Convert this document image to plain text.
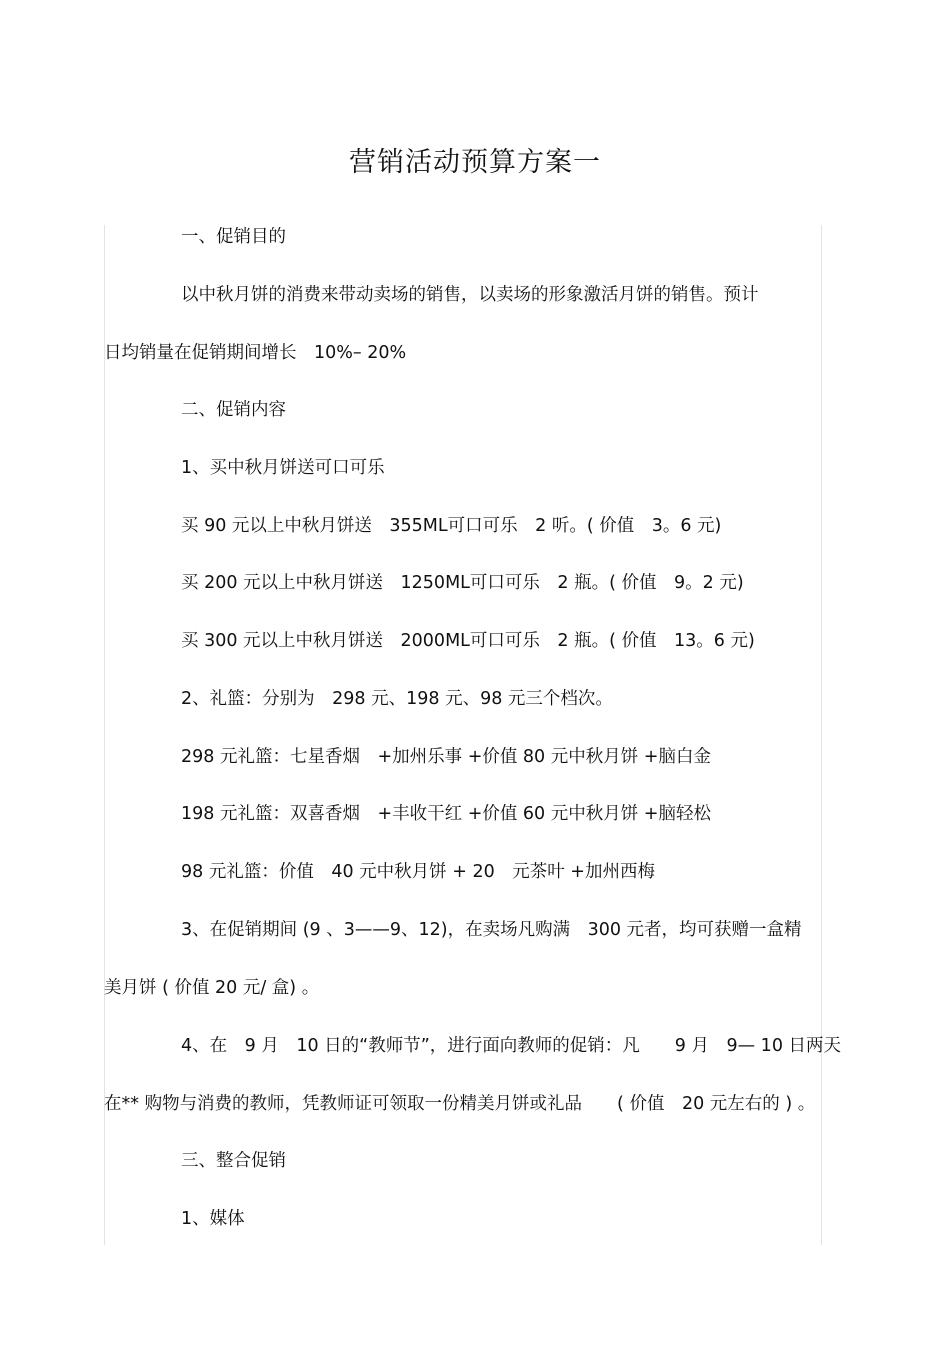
营销活动预算方案一
一、促销目的
以中秋月饼的消费来带动卖场的销售，以卖场的形象激活月饼的销售。预计
日均销量在促销期间增长　10%– 20%
二、促销内容
1、买中秋月饼送可口可乐
买 90 元以上中秋月饼送　355ML可口可乐　2 听。( 价值　3。6 元)
买 200 元以上中秋月饼送　1250ML可口可乐　2 瓶。( 价值　9。2 元)
买 300 元以上中秋月饼送　2000ML可口可乐　2 瓶。( 价值　13。6 元)
2、礼篮：分别为　298 元、198 元、98 元三个档次。
298 元礼篮：七星香烟　+加州乐事 +价值 80 元中秋月饼 +脑白金
198 元礼篮：双喜香烟　+丰收干红 +价值 60 元中秋月饼 +脑轻松
98 元礼篮：价值　40 元中秋月饼 + 20　元茶叶 +加州西梅
3、在促销期间 (9 、3——9、12)，在卖场凡购满　300 元者，均可获赠一盒精
美月饼 ( 价值 20 元/ 盒) 。
4、在　9 月　10 日的“教师节”，进行面向教师的促销：凡　　9 月　9— 10 日两天
在** 购物与消费的教师，凭教师证可领取一份精美月饼或礼品　　( 价值　20 元左右的 ) 。
三、整合促销
1、媒体
